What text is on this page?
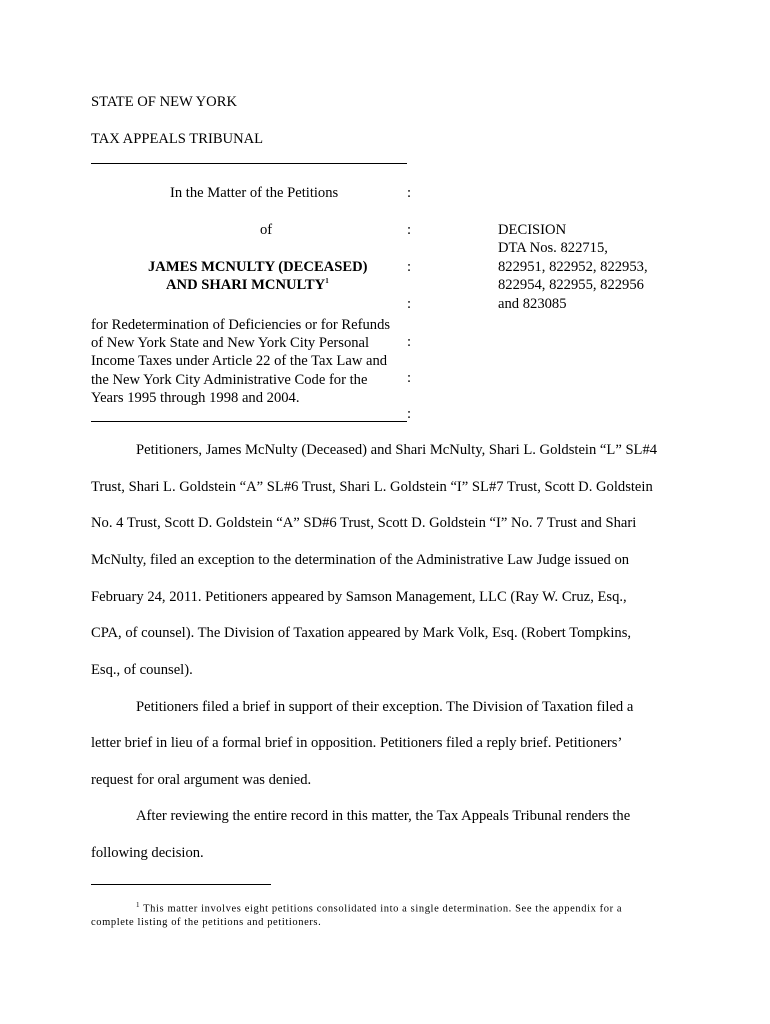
STATE OF NEW YORK
TAX APPEALS TRIBUNAL
In the Matter of the Petitions	:
of	:
JAMES MCNULTY (DECEASED)	:
AND SHARI MCNULTY$^1$
:
for Redetermination of Deficiencies or for Refunds
of New York State and New York City Personal
Income Taxes under Article 22 of the Tax Law and
the New York City Administrative Code for the
Years 1995 through 1998 and 2004.
:
:
:
DECISION
DTA Nos. 822715,
822951, 822952, 822953,
822954, 822955, 822956
and 823085
Petitioners, James McNulty (Deceased) and Shari McNulty, Shari L. Goldstein “L” SL#4
Trust, Shari L. Goldstein “A” SL#6 Trust, Shari L. Goldstein “I” SL#7 Trust, Scott D. Goldstein
No. 4 Trust, Scott D. Goldstein “A” SD#6 Trust, Scott D. Goldstein “I” No. 7 Trust and Shari
McNulty, filed an exception to the determination of the Administrative Law Judge issued on
February 24, 2011. Petitioners appeared by Samson Management, LLC (Ray W. Cruz, Esq.,
CPA, of counsel). The Division of Taxation appeared by Mark Volk, Esq. (Robert Tompkins,
Esq., of counsel).
Petitioners filed a brief in support of their exception. The Division of Taxation filed a
letter brief in lieu of a formal brief in opposition. Petitioners filed a reply brief. Petitioners’
request for oral argument was denied.
After reviewing the entire record in this matter, the Tax Appeals Tribunal renders the
following decision.
$^1$ This matter involves eight petitions consolidated into a single determination. See the appendix for a
complete listing of the petitions and petitioners.
